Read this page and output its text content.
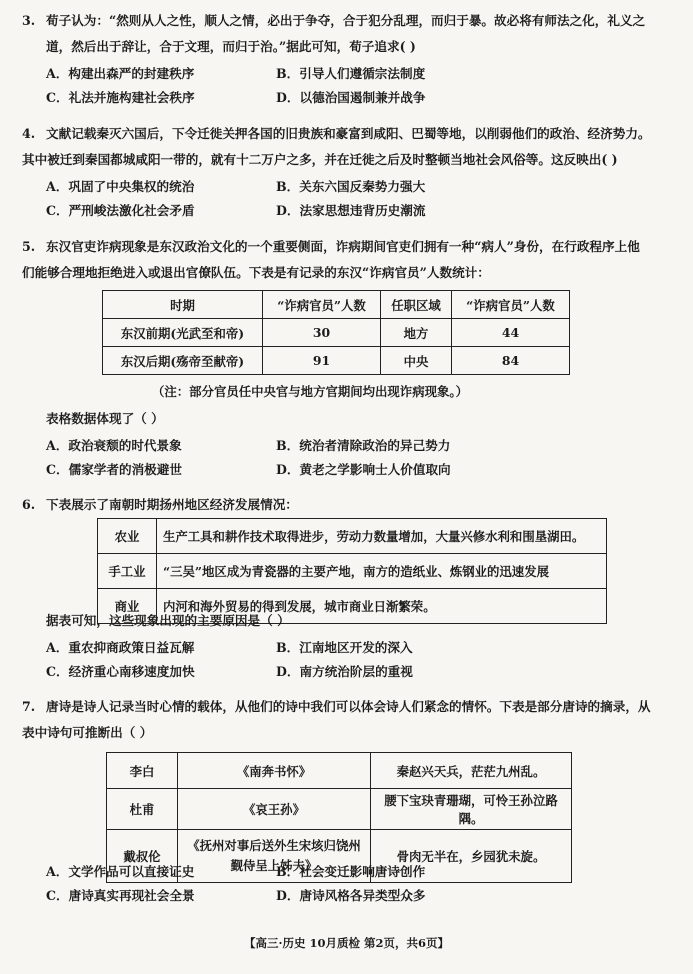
3. 荀子认为：“然则从人之性，顺人之情，必出于争夺，合于犯分乱理，而归于暴。故必将有师法之化，礼义之
道，然后出于辞让，合于文理，而归于治。”据此可知，荀子追求( )
A．构建出森严的封建秩序	B．引导人们遵循宗法制度
C．礼法并施构建社会秩序	D．以德治国遏制兼并战争
4. 文献记载秦灭六国后，下令迁徙关押各国的旧贵族和豪富到咸阳、巴蜀等地，以削弱他们的政治、经济势力。
其中被迁到秦国都城咸阳一带的，就有十二万户之多，并在迁徙之后及时整顿当地社会风俗等。这反映出( )
A．巩固了中央集权的统治	B．关东六国反秦势力强大
C．严刑峻法激化社会矛盾	D．法家思想违背历史潮流
5. 东汉官吏诈病现象是东汉政治文化的一个重要侧面，诈病期间官吏们拥有一种“病人”身份，在行政程序上他
们能够合理地拒绝进入或退出官僚队伍。下表是有记录的东汉“诈病官员”人数统计：
时期	“诈病官员”人数	任职区域	“诈病官员”人数
东汉前期(光武至和帝)	30	地方	44
东汉后期(殇帝至献帝)	91	中央	84
（注：部分官员任中央官与地方官期间均出现诈病现象。）
表格数据体现了（ ）
A．政治衰颓的时代景象	B．统治者清除政治的异己势力
C．儒家学者的消极避世	D．黄老之学影响士人价值取向
6. 下表展示了南朝时期扬州地区经济发展情况：
农业	生产工具和耕作技术取得进步，劳动力数量增加，大量兴修水利和围垦湖田。
手工业	“三吴”地区成为青瓷器的主要产地，南方的造纸业、炼钢业的迅速发展
商业	内河和海外贸易的得到发展，城市商业日渐繁荣。
据表可知，这些现象出现的主要原因是（ ）
A．重农抑商政策日益瓦解	B．江南地区开发的深入
C．经济重心南移速度加快	D．南方统治阶层的重视
7. 唐诗是诗人记录当时心情的载体，从他们的诗中我们可以体会诗人们紧念的情怀。下表是部分唐诗的摘录，从
表中诗句可推断出（ ）
李白	《南奔书怀》	秦赵兴天兵，茫茫九州乱。
杜甫	《哀王孙》	腰下宝玦青珊瑚，可怜王孙泣路隅。
戴叔伦	《抚州对事后送外生宋垓归饶州觐侍呈上姊夫》	骨肉无半在，乡园犹未旋。
A．文学作品可以直接证史	B．社会变迁影响唐诗创作
C．唐诗真实再现社会全景	D．唐诗风格各异类型众多
【高三·历史 10月质检 第2页，共6页】
